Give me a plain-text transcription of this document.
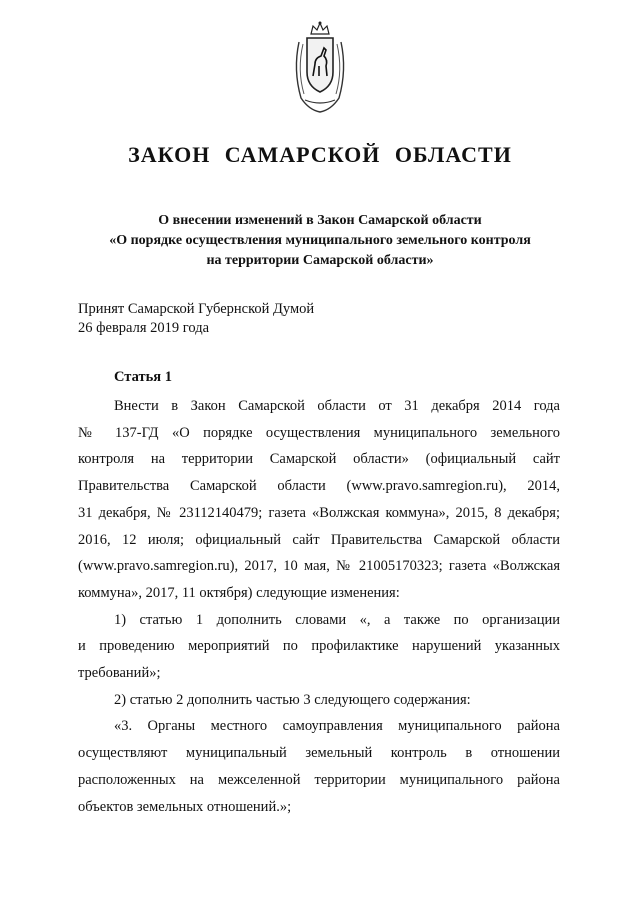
ЗАКОН САМАРСКОЙ ОБЛАСТИ
О внесении изменений в Закон Самарской области
«О порядке осуществления муниципального земельного контроля
на территории Самарской области»
Принят Самарской Губернской Думой
26 февраля 2019 года
Статья 1
Внести в Закон Самарской области от 31 декабря 2014 года
№ 137-ГД «О порядке осуществления муниципального земельного
контроля на территории Самарской области» (официальный сайт
Правительства Самарской области (www.pravo.samregion.ru), 2014,
31 декабря, № 23112140479; газета «Волжская коммуна», 2015, 8 декабря;
2016, 12 июля; официальный сайт Правительства Самарской области
(www.pravo.samregion.ru), 2017, 10 мая, № 21005170323; газета «Волжская
коммуна», 2017, 11 октября) следующие изменения:
1) статью 1 дополнить словами «, а также по организации
и проведению мероприятий по профилактике нарушений указанных
требований»;
2) статью 2 дополнить частью 3 следующего содержания:
«3. Органы местного самоуправления муниципального района
осуществляют муниципальный земельный контроль в отношении
расположенных на межселенной территории муниципального района
объектов земельных отношений.»;
